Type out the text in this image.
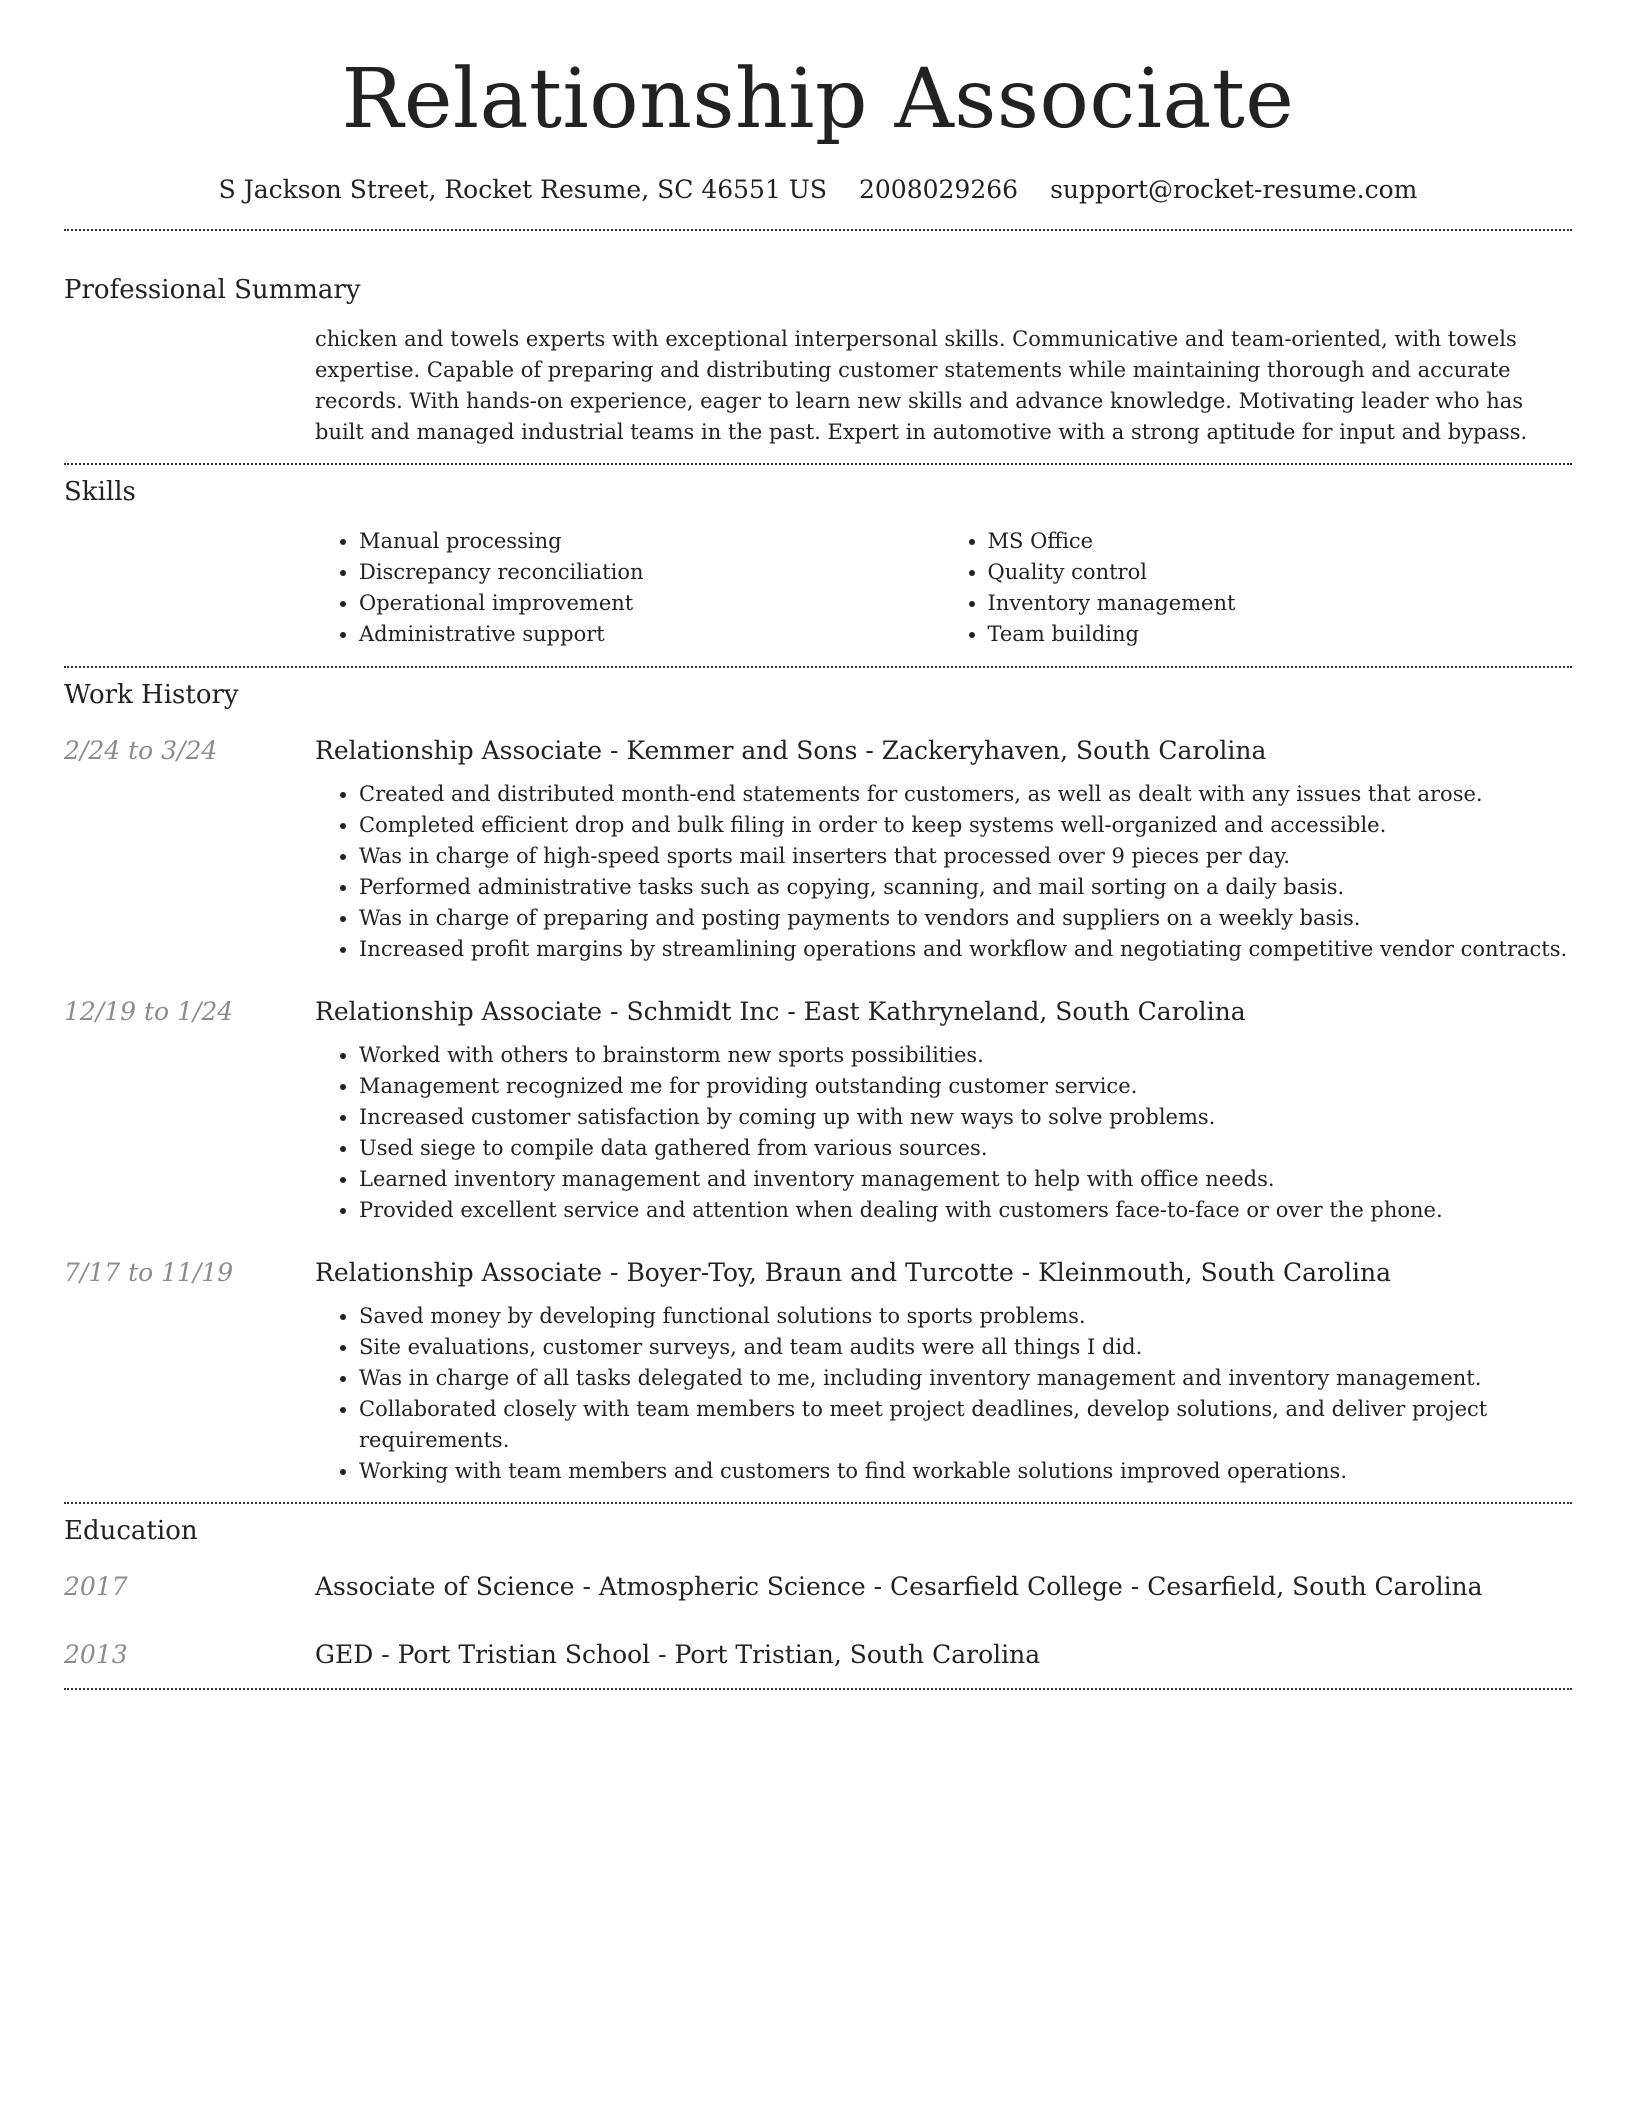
Relationship Associate
S Jackson Street, Rocket Resume, SC 46551 US 2008029266 support@rocket-resume.com
Professional Summary

chicken and towels experts with exceptional interpersonal skills. Communicative and team-oriented, with towels expertise. Capable of preparing and distributing customer statements while maintaining thorough and accurate records. With hands-on experience, eager to learn new skills and advance knowledge. Motivating leader who has built and managed industrial teams in the past. Expert in automotive with a strong aptitude for input and bypass.

Skills
• Manual processing
• Discrepancy reconciliation
• Operational improvement
• Administrative support
• MS Office
• Quality control
• Inventory management
• Team building
Work History
2/24 to 3/24	Relationship Associate - Kemmer and Sons - Zackeryhaven, South Carolina
• Created and distributed month-end statements for customers, as well as dealt with any issues that arose.
• Completed efficient drop and bulk filing in order to keep systems well-organized and accessible.
• Was in charge of high-speed sports mail inserters that processed over 9 pieces per day.
• Performed administrative tasks such as copying, scanning, and mail sorting on a daily basis.
• Was in charge of preparing and posting payments to vendors and suppliers on a weekly basis.
• Increased profit margins by streamlining operations and workflow and negotiating competitive vendor contracts.
12/19 to 1/24	Relationship Associate - Schmidt Inc - East Kathryneland, South Carolina
• Worked with others to brainstorm new sports possibilities.
• Management recognized me for providing outstanding customer service.
• Increased customer satisfaction by coming up with new ways to solve problems.
• Used siege to compile data gathered from various sources.
• Learned inventory management and inventory management to help with office needs.
• Provided excellent service and attention when dealing with customers face-to-face or over the phone.
7/17 to 11/19	Relationship Associate - Boyer-Toy, Braun and Turcotte - Kleinmouth, South Carolina
• Saved money by developing functional solutions to sports problems.
• Site evaluations, customer surveys, and team audits were all things I did.
• Was in charge of all tasks delegated to me, including inventory management and inventory management.
• Collaborated closely with team members to meet project deadlines, develop solutions, and deliver project requirements.
• Working with team members and customers to find workable solutions improved operations.
Education
2017	Associate of Science - Atmospheric Science - Cesarfield College - Cesarfield, South Carolina
2013	GED - Port Tristian School - Port Tristian, South Carolina
